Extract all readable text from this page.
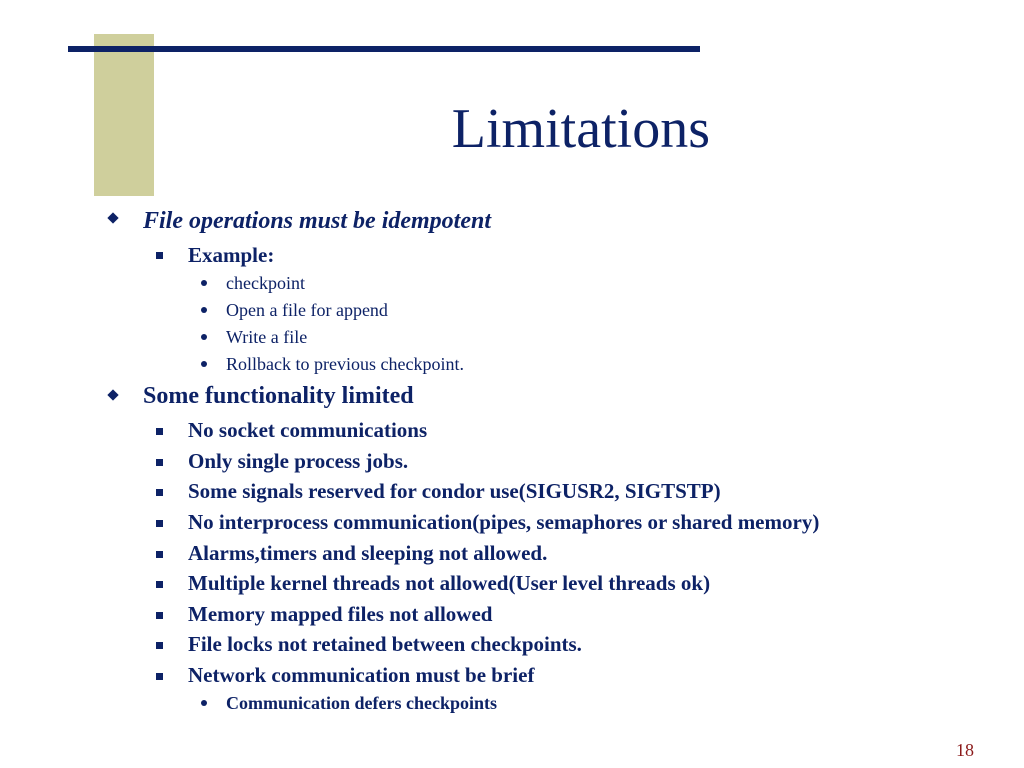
Limitations
File operations must be idempotent
Example:
checkpoint
Open a file for append
Write a file
Rollback to previous checkpoint.
Some functionality limited
No socket communications
Only single process jobs.
Some signals reserved for condor use(SIGUSR2, SIGTSTP)
No interprocess communication(pipes, semaphores or shared memory)
Alarms,timers and sleeping not allowed.
Multiple kernel threads not allowed(User level threads ok)
Memory mapped files not allowed
File locks not retained between checkpoints.
Network communication must be brief
Communication defers checkpoints
18
